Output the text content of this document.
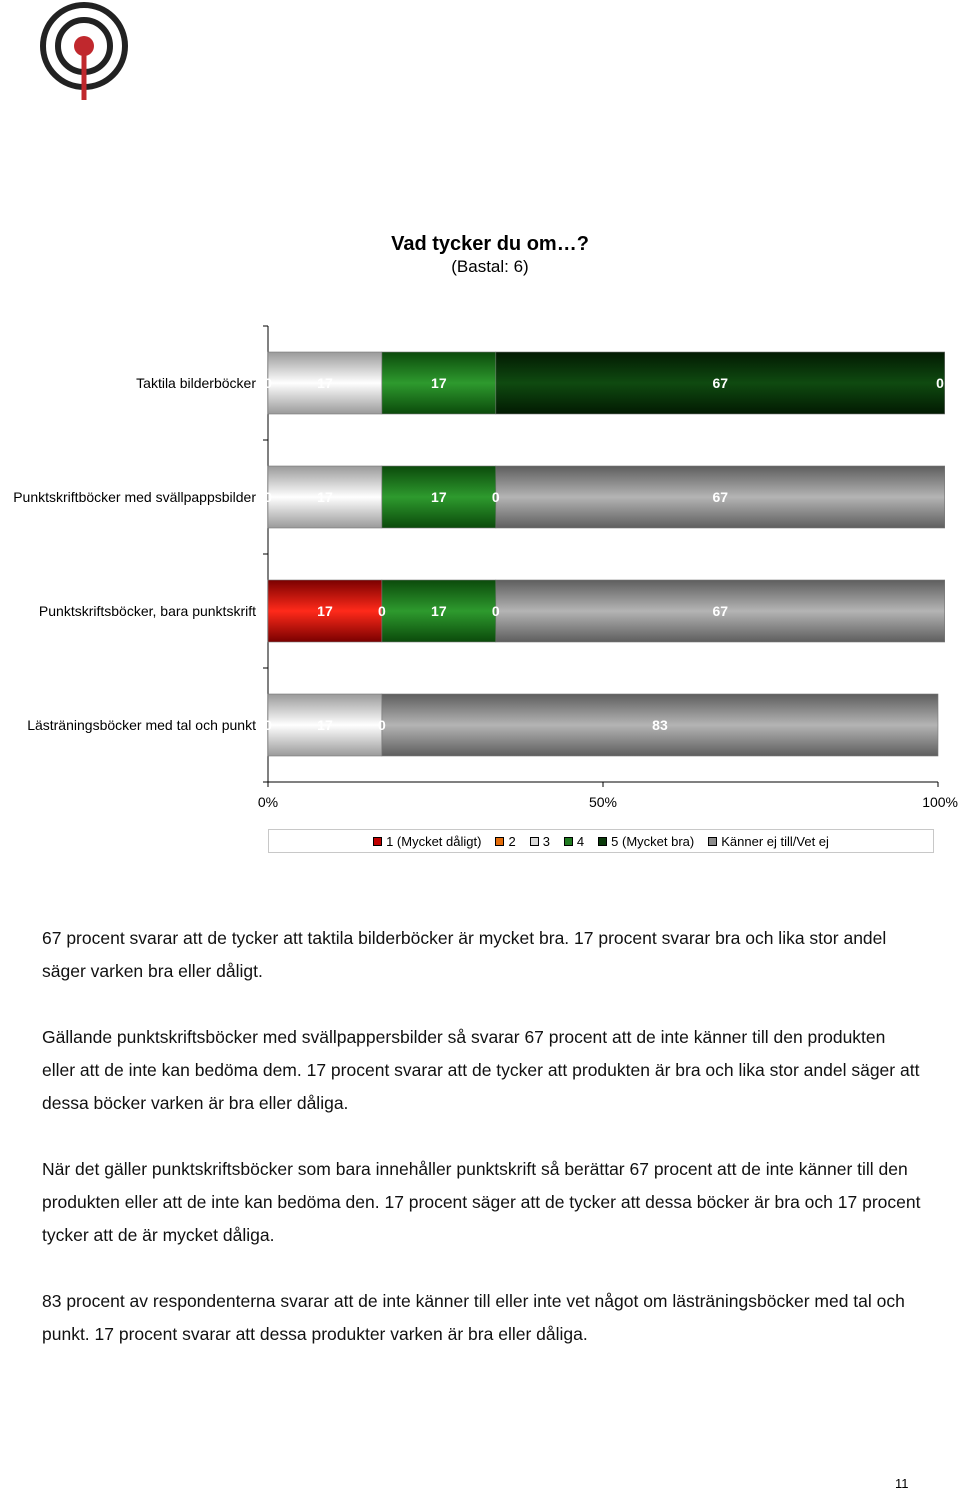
Vad tycker du om…?
(Bastal: 6)
0%	50%	100%
Taktila bilderböcker 0	17	17	67	0
Punktskriftböcker med svällpappsbilder 0	17	17	0	67
Punktskriftsböcker, bara punktskrift	17	0	17	0	67
Lästräningsböcker med tal och punkt 0	17	0	83
1 (Mycket dåligt) 2 3 4 5 (Mycket bra) Känner ej till/Vet ej

67 procent svarar att de tycker att taktila bilderböcker är mycket bra. 17 procent svarar bra och lika stor andel säger varken bra eller dåligt.

Gällande punktskriftsböcker med svällpappersbilder så svarar 67 procent att de inte känner till den produkten eller att de inte kan bedöma dem. 17 procent svarar att de tycker att produkten är bra och lika stor andel säger att dessa böcker varken är bra eller dåliga.

När det gäller punktskriftsböcker som bara innehåller punktskrift så berättar 67 procent att de inte känner till den produkten eller att de inte kan bedöma den. 17 procent säger att de tycker att dessa böcker är bra och 17 procent tycker att de är mycket dåliga.

83 procent av respondenterna svarar att de inte känner till eller inte vet något om lästräningsböcker med tal och punkt. 17 procent svarar att dessa produkter varken är bra eller dåliga.

11
